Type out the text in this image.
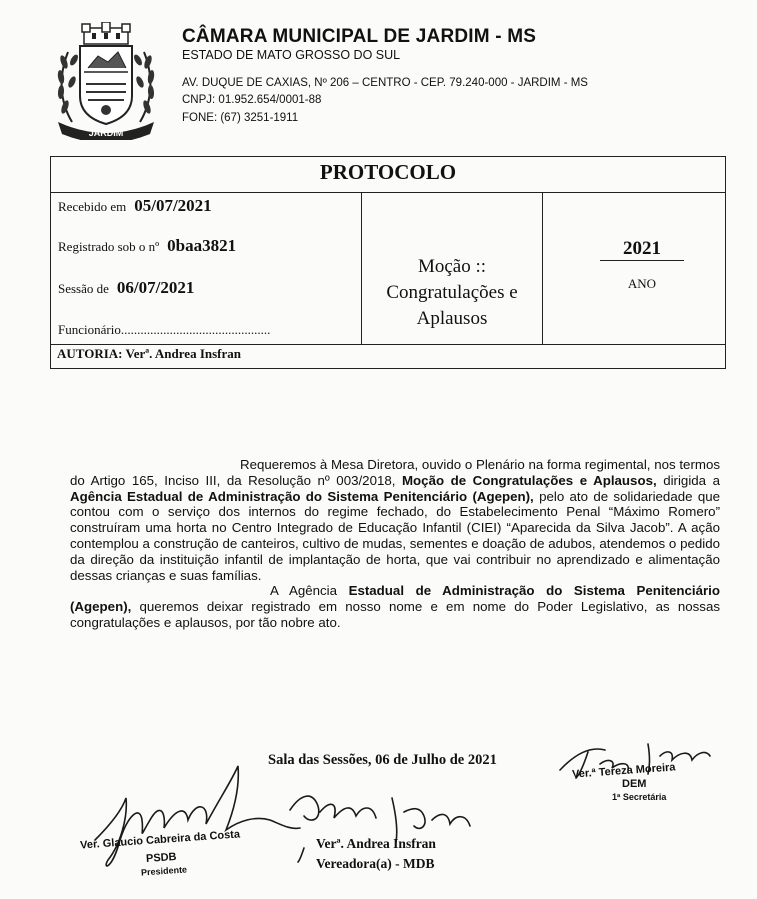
JARDIM
CÂMARA MUNICIPAL DE JARDIM - MS
ESTADO DE MATO GROSSO DO SUL
AV. DUQUE DE CAXIAS, Nº 206 – CENTRO - CEP. 79.240-000 - JARDIM - MS
CNPJ: 01.952.654/0001-88
FONE: (67) 3251-1911
PROTOCOLO
Recebido em 05/07/2021
Registrado sob o nº 0baa3821
Sessão de 06/07/2021
Funcionário..............................................
Moção ::
Congratulações e
Aplausos
2021
ANO
AUTORIA: Verª. Andrea Insfran

Requeremos à Mesa Diretora, ouvido o Plenário na forma regimental, nos termos do Artigo 165, Inciso III, da Resolução nº 003/2018, Moção de Congratulações e Aplausos, dirigida a Agência Estadual de Administração do Sistema Penitenciário (Agepen), pelo ato de solidariedade que contou com o serviço dos internos do regime fechado, do Estabelecimento Penal “Máximo Romero” construíram uma horta no Centro Integrado de Educação Infantil (CIEI) “Aparecida da Silva Jacob”. A ação contemplou a construção de canteiros, cultivo de mudas, sementes e doação de adubos, atendemos o pedido da direção da instituição infantil de implantação de horta, que vai contribuir no aprendizado e alimentação dessas crianças e suas famílias.

A Agência Estadual de Administração do Sistema Penitenciário (Agepen), queremos deixar registrado em nosso nome e em nome do Poder Legislativo, as nossas congratulações e aplausos, por tão nobre ato.

Sala das Sessões, 06 de Julho de 2021
Verª. Andrea Insfran
Vereadora(a) - MDB
Ver. Glaucio Cabreira da Costa
PSDB
Presidente
Ver.ª Tereza Moreira
DEM
1ª Secretária
